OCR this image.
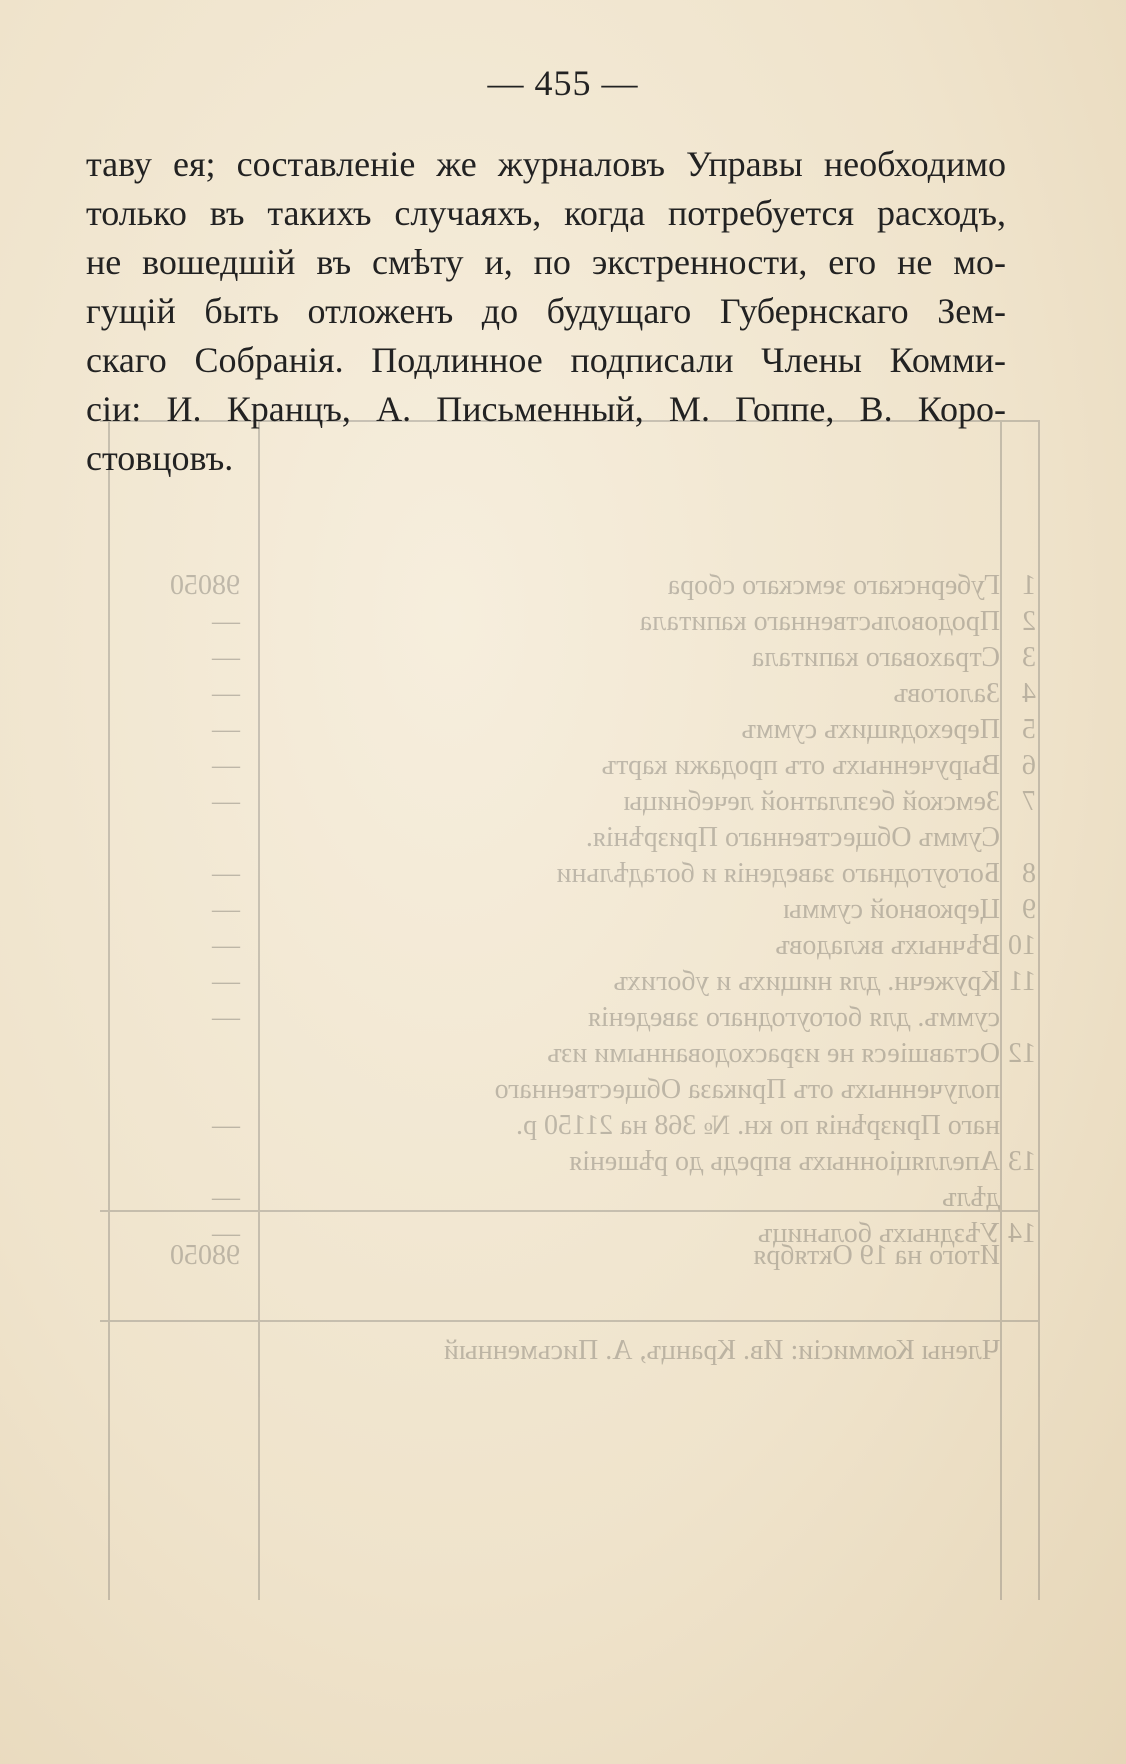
1
Губернскаго земскаго сбора
98050
2
Продовольственнаго капитала
—
3
Страховаго капитала
—
4
Залоговъ
—
5
Переходящихъ суммъ
—
6
Вырученныхъ отъ продажи картъ
—
7
Земской безплатной лечебницы
—
Суммъ Общественнаго Призрѣнія.
8
Богоугоднаго заведенія и богадѣльни
—
9
Церковной суммы
—
10
Вѣчныхъ вкладовъ
—
11
Кружечн. для нищихъ и убогихъ
—
суммъ. для богоугоднаго заведенія
—
12
Оставшіеся не израсходованными изъ
полученныхъ отъ Приказа Общественнаго
наго Призрѣнія по кн. № 368 на 21150 р.
—
13
Апелляціонныхъ впредь до рѣшенія
дѣлъ
—
14
Уѣздныхъ больницъ
—
Итого на 19 Октября
98050
Члены Коммисіи: Ив. Кранцъ, А. Письменный
— 455 —
таву ея; составленіе же журналовъ Управы необходимо
только въ такихъ случаяхъ, когда потребуется расходъ,
не вошедшій въ смѣту и, по экстренности, его не мо-
гущій быть отложенъ до будущаго Губернскаго Зем-
скаго Собранія. Подлинное подписали Члены Комми-
сіи: И. Кранцъ, А. Письменный, М. Гоппе, В. Коро-
стовцовъ.
